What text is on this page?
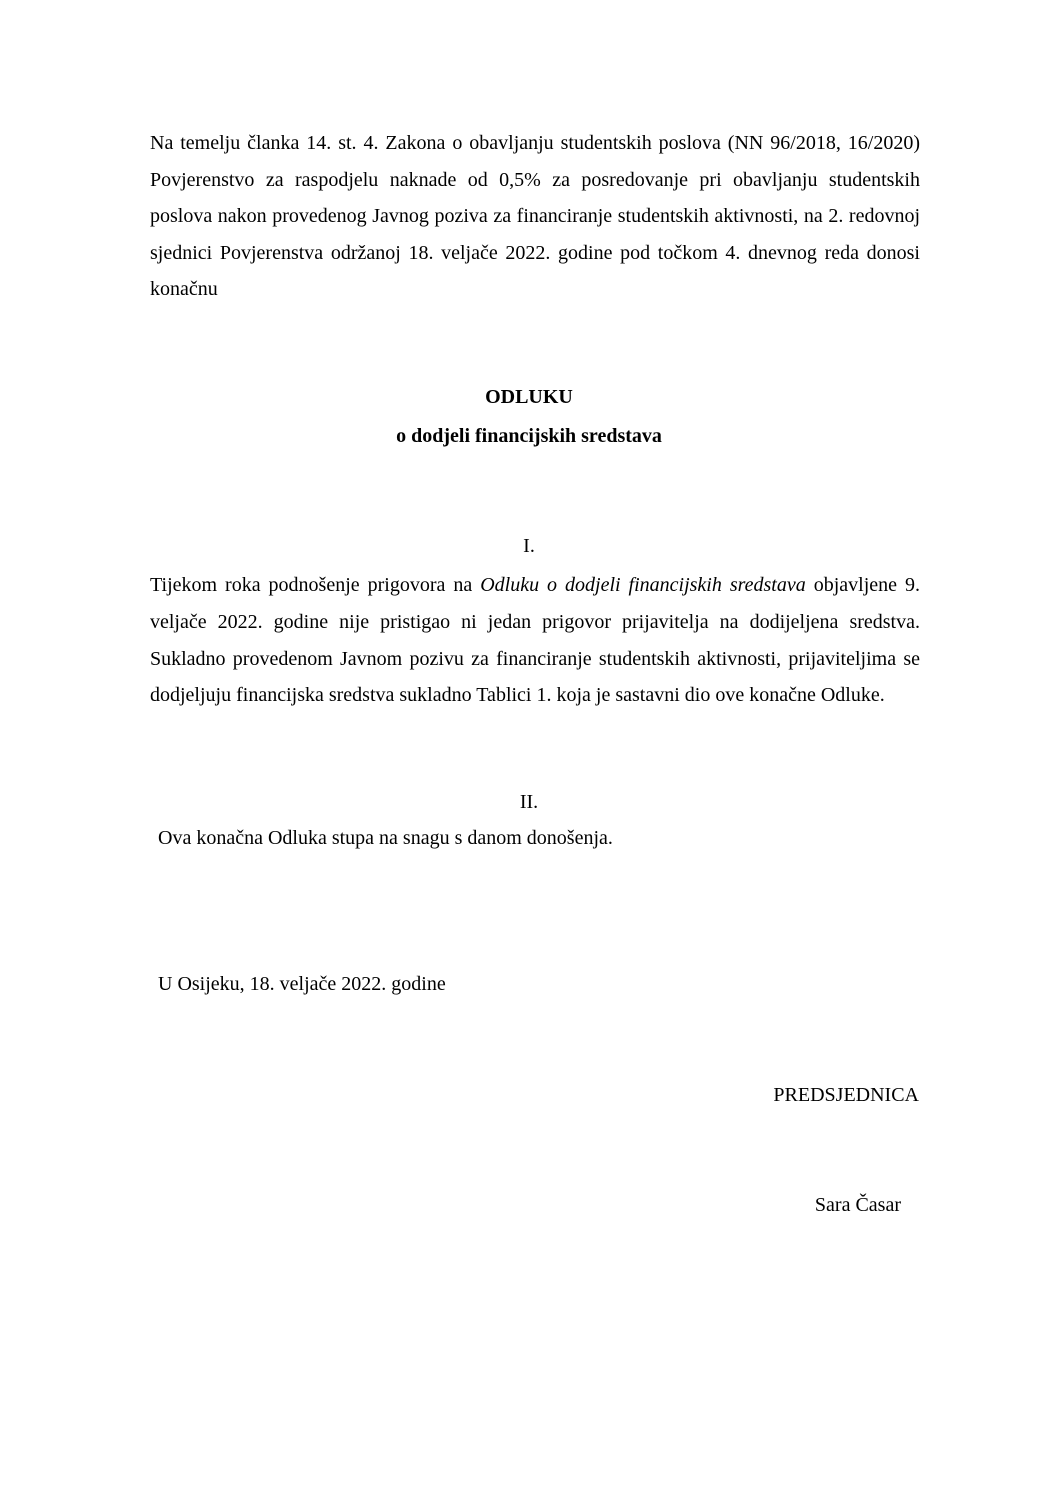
Na temelju članka 14. st. 4. Zakona o obavljanju studentskih poslova (NN 96/2018, 16/2020) Povjerenstvo za raspodjelu naknade od 0,5% za posredovanje pri obavljanju studentskih poslova nakon provedenog Javnog poziva za financiranje studentskih aktivnosti, na 2. redovnoj sjednici Povjerenstva održanoj 18. veljače 2022. godine pod točkom 4. dnevnog reda donosi konačnu

ODLUKU

o dodjeli financijskih sredstava

I.

Tijekom roka podnošenje prigovora na Odluku o dodjeli financijskih sredstava objavljene 9. veljače 2022. godine nije pristigao ni jedan prigovor prijavitelja na dodijeljena sredstva. Sukladno provedenom Javnom pozivu za financiranje studentskih aktivnosti, prijaviteljima se dodjeljuju financijska sredstva sukladno Tablici 1. koja je sastavni dio ove konačne Odluke.

II.

Ova konačna Odluka stupa na snagu s danom donošenja.

U Osijeku, 18. veljače 2022. godine

PREDSJEDNICA

Sara Časar
